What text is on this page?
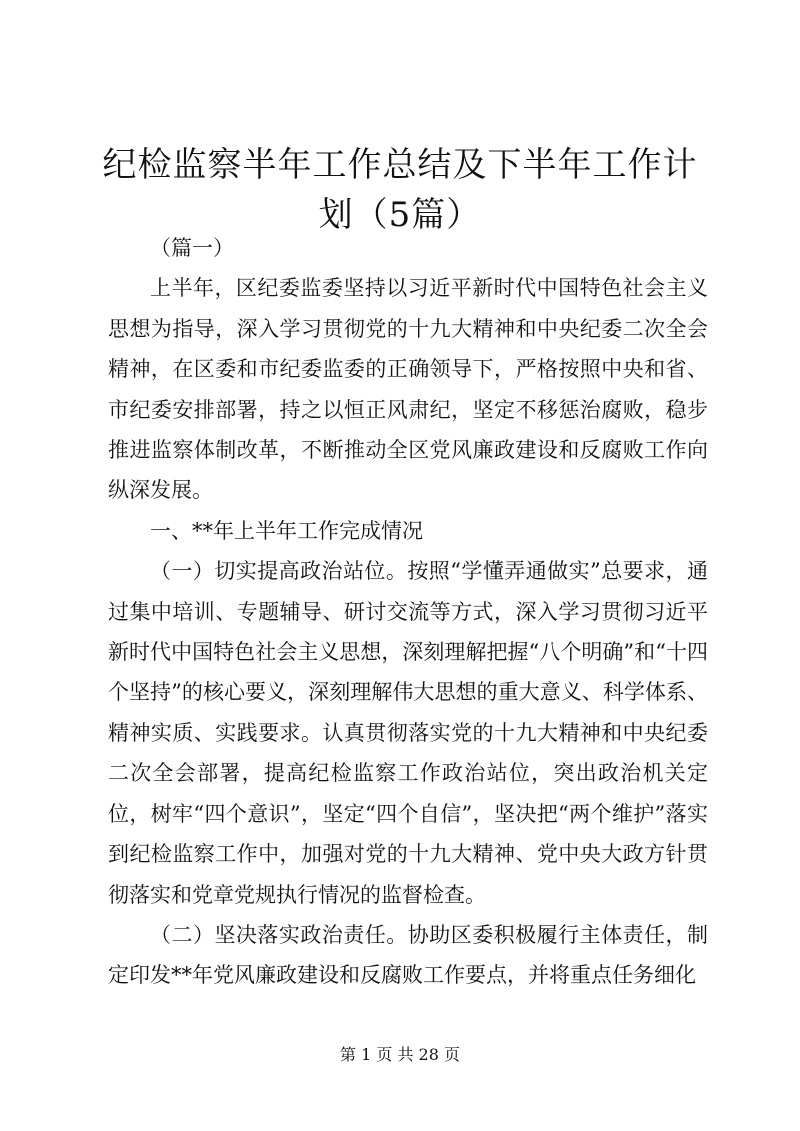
纪检监察半年工作总结及下半年工作计划（5篇）

（篇一）

上半年，区纪委监委坚持以习近平新时代中国特色社会主义思想为指导，深入学习贯彻党的十九大精神和中央纪委二次全会精神，在区委和市纪委监委的正确领导下，严格按照中央和省、市纪委安排部署，持之以恒正风肃纪，坚定不移惩治腐败，稳步推进监察体制改革，不断推动全区党风廉政建设和反腐败工作向纵深发展。

一、**年上半年工作完成情况

（一）切实提高政治站位。按照“学懂弄通做实”总要求，通过集中培训、专题辅导、研讨交流等方式，深入学习贯彻习近平新时代中国特色社会主义思想，深刻理解把握“八个明确”和“十四个坚持”的核心要义，深刻理解伟大思想的重大意义、科学体系、精神实质、实践要求。认真贯彻落实党的十九大精神和中央纪委二次全会部署，提高纪检监察工作政治站位，突出政治机关定位，树牢“四个意识”，坚定“四个自信”，坚决把“两个维护”落实到纪检监察工作中，加强对党的十九大精神、党中央大政方针贯彻落实和党章党规执行情况的监督检查。

（二）坚决落实政治责任。协助区委积极履行主体责任，制定印发**年党风廉政建设和反腐败工作要点，并将重点任务细化

第 1 页 共 28 页
